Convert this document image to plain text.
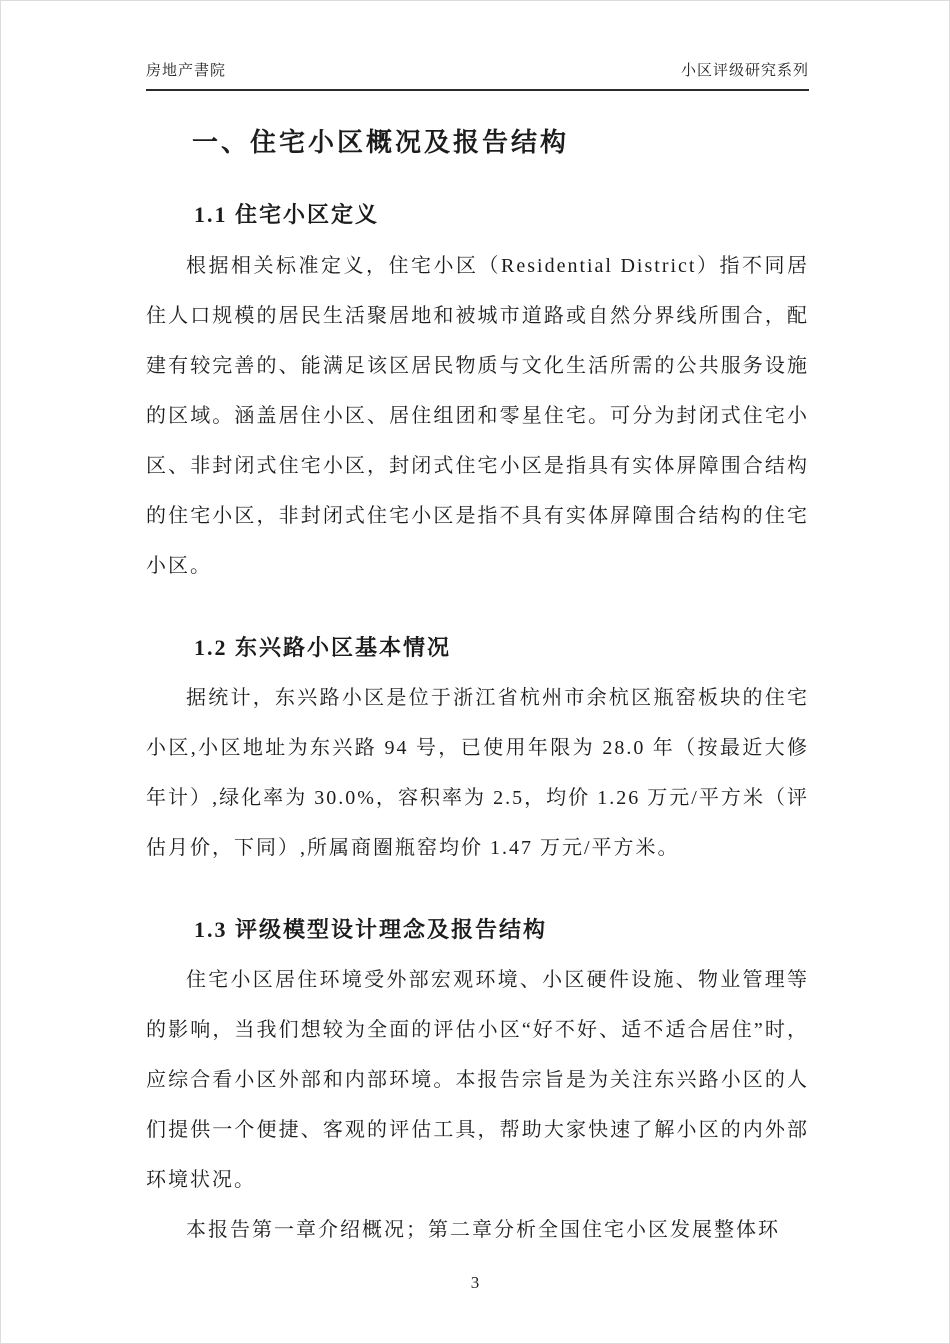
房地产書院	小区评级研究系列
一、住宅小区概况及报告结构
1.1 住宅小区定义

根据相关标准定义，住宅小区（Residential District）指不同居住人口规模的居民生活聚居地和被城市道路或自然分界线所围合，配建有较完善的、能满足该区居民物质与文化生活所需的公共服务设施的区域。涵盖居住小区、居住组团和零星住宅。可分为封闭式住宅小区、非封闭式住宅小区，封闭式住宅小区是指具有实体屏障围合结构的住宅小区，非封闭式住宅小区是指不具有实体屏障围合结构的住宅小区。

1.2 东兴路小区基本情况

据统计，东兴路小区是位于浙江省杭州市余杭区瓶窑板块的住宅小区,小区地址为东兴路 94 号，已使用年限为 28.0 年（按最近大修年计）,绿化率为 30.0%，容积率为 2.5，均价 1.26 万元/平方米（评估月价，下同）,所属商圈瓶窑均价 1.47 万元/平方米。

1.3 评级模型设计理念及报告结构

住宅小区居住环境受外部宏观环境、小区硬件设施、物业管理等的影响，当我们想较为全面的评估小区“好不好、适不适合居住”时，应综合看小区外部和内部环境。本报告宗旨是为关注东兴路小区的人们提供一个便捷、客观的评估工具，帮助大家快速了解小区的内外部环境状况。

本报告第一章介绍概况；第二章分析全国住宅小区发展整体环

3
